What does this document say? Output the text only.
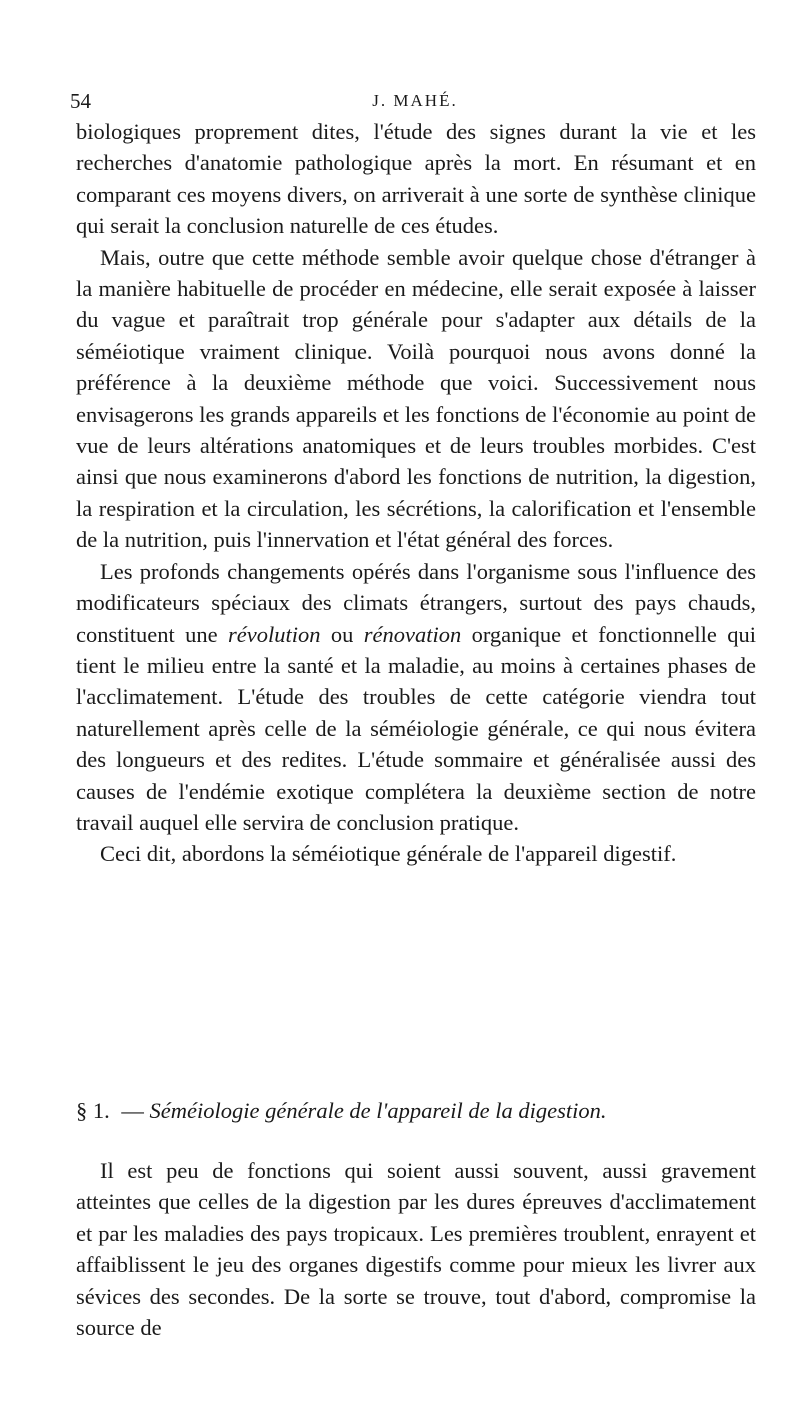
54	J. MAHÉ.

biologiques proprement dites, l'étude des signes durant la vie et les recherches d'anatomie pathologique après la mort. En résumant et en comparant ces moyens divers, on arriverait à une sorte de synthèse clinique qui serait la conclusion naturelle de ces études.

Mais, outre que cette méthode semble avoir quelque chose d'étranger à la manière habituelle de procéder en médecine, elle serait exposée à laisser du vague et paraîtrait trop générale pour s'adapter aux détails de la séméiotique vraiment clinique. Voilà pourquoi nous avons donné la préférence à la deuxième méthode que voici. Successivement nous envisagerons les grands appareils et les fonctions de l'économie au point de vue de leurs altérations anatomiques et de leurs troubles morbides. C'est ainsi que nous examinerons d'abord les fonctions de nutrition, la digestion, la respiration et la circulation, les sécrétions, la calorification et l'ensemble de la nutrition, puis l'innervation et l'état général des forces.

Les profonds changements opérés dans l'organisme sous l'influence des modificateurs spéciaux des climats étrangers, surtout des pays chauds, constituent une révolution ou rénovation organique et fonctionnelle qui tient le milieu entre la santé et la maladie, au moins à certaines phases de l'acclimatement. L'étude des troubles de cette catégorie viendra tout naturellement après celle de la séméiologie générale, ce qui nous évitera des longueurs et des redites. L'étude sommaire et généralisée aussi des causes de l'endémie exotique complétera la deuxième section de notre travail auquel elle servira de conclusion pratique.

Ceci dit, abordons la séméiotique générale de l'appareil digestif.

§ 1. — Séméiologie générale de l'appareil de la digestion.

Il est peu de fonctions qui soient aussi souvent, aussi gravement atteintes que celles de la digestion par les dures épreuves d'acclimatement et par les maladies des pays tropicaux. Les premières troublent, enrayent et affaiblissent le jeu des organes digestifs comme pour mieux les livrer aux sévices des secondes. De la sorte se trouve, tout d'abord, compromise la source de
